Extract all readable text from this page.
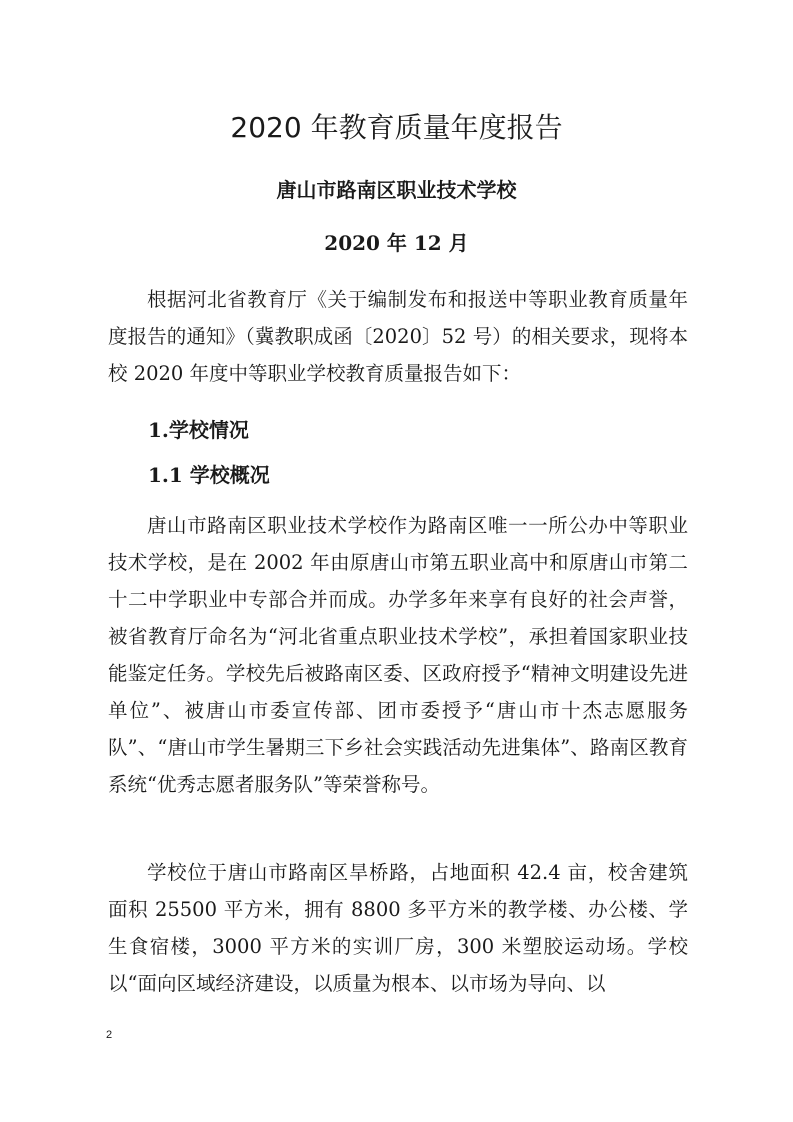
2020 年教育质量年度报告

唐山市路南区职业技术学校

2020 年 12 月

根据河北省教育厅《关于编制发布和报送中等职业教育质量年度报告的通知》（冀教职成函〔2020〕52 号）的相关要求，现将本校 2020 年度中等职业学校教育质量报告如下：

1.学校情况

1.1 学校概况

唐山市路南区职业技术学校作为路南区唯一一所公办中等职业技术学校，是在 2002 年由原唐山市第五职业高中和原唐山市第二十二中学职业中专部合并而成。办学多年来享有良好的社会声誉，被省教育厅命名为“河北省重点职业技术学校”，承担着国家职业技能鉴定任务。学校先后被路南区委、区政府授予“精神文明建设先进单位”、被唐山市委宣传部、团市委授予“唐山市十杰志愿服务队”、“唐山市学生暑期三下乡社会实践活动先进集体”、路南区教育系统“优秀志愿者服务队”等荣誉称号。

学校位于唐山市路南区旱桥路，占地面积 42.4 亩，校舍建筑面积 25500 平方米，拥有 8800 多平方米的教学楼、办公楼、学生食宿楼，3000 平方米的实训厂房，300 米塑胶运动场。学校以“面向区域经济建设，以质量为根本、以市场为导向、以

2
